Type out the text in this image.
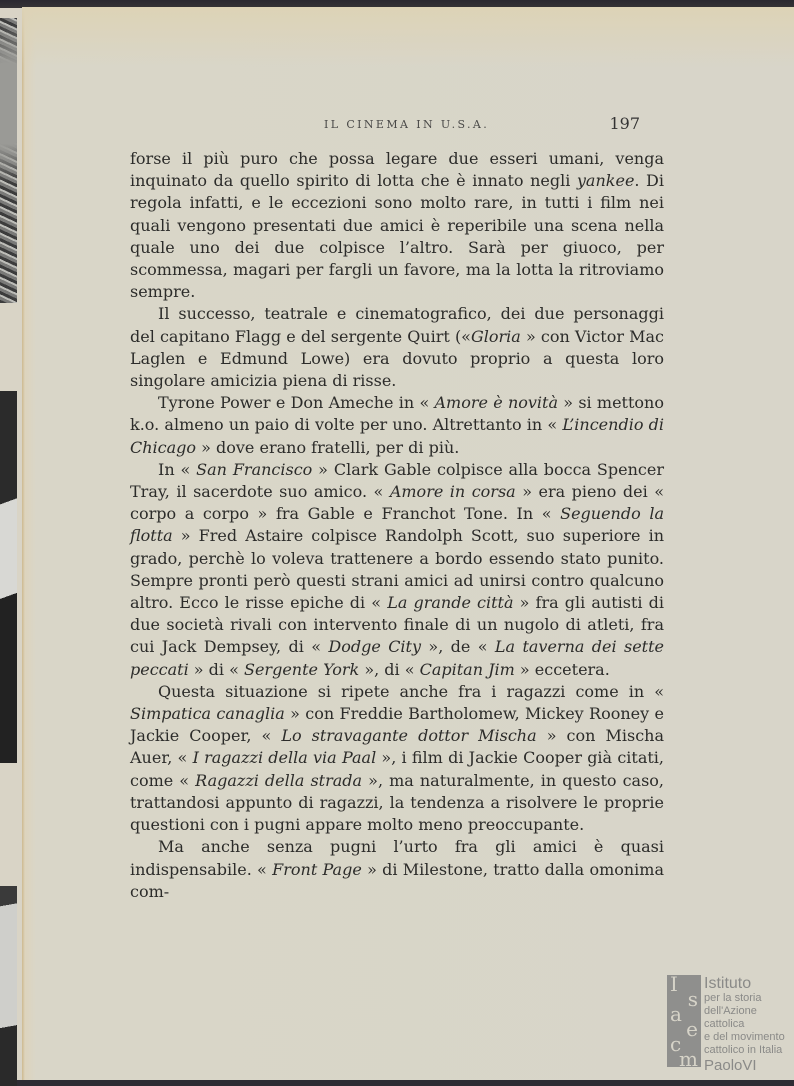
IL CINEMA IN U.S.A.	197

forse il più puro che possa legare due esseri umani, venga inquinato da quello spirito di lotta che è innato negli yankee. Di regola infatti, e le eccezioni sono molto rare, in tutti i film nei quali vengono presentati due amici è reperibile una scena nella quale uno dei due colpisce l’altro. Sarà per giuoco, per scommessa, magari per fargli un favore, ma la lotta la ritroviamo sempre.

Il successo, teatrale e cinematografico, dei due personaggi del capitano Flagg e del sergente Quirt («Gloria » con Victor Mac Laglen e Edmund Lowe) era dovuto proprio a questa loro singolare amicizia piena di risse.

Tyrone Power e Don Ameche in « Amore è novità » si mettono k.o. almeno un paio di volte per uno. Altrettanto in « L’incendio di Chicago » dove erano fratelli, per di più.

In « San Francisco » Clark Gable colpisce alla bocca Spencer Tray, il sacerdote suo amico. « Amore in corsa » era pieno dei « corpo a corpo » fra Gable e Franchot Tone. In « Seguendo la flotta » Fred Astaire colpisce Randolph Scott, suo superiore in grado, perchè lo voleva trattenere a bordo essendo stato punito. Sempre pronti però questi strani amici ad unirsi contro qualcuno altro. Ecco le risse epiche di « La grande città » fra gli autisti di due società rivali con intervento finale di un nugolo di atleti, fra cui Jack Dempsey, di « Dodge City », de « La taverna dei sette peccati » di « Sergente York », di « Capitan Jim » eccetera.

Questa situazione si ripete anche fra i ragazzi come in « Simpatica canaglia » con Freddie Bartholomew, Mickey Rooney e Jackie Cooper, « Lo stravagante dottor Mischa » con Mischa Auer, « I ragazzi della via Paal », i film di Jackie Cooper già citati, come « Ragazzi della strada », ma naturalmente, in questo caso, trattandosi appunto di ragazzi, la tendenza a risolvere le proprie questioni con i pugni appare molto meno preoccupante.

Ma anche senza pugni l’urto fra gli amici è quasi indispensabile. « Front Page » di Milestone, tratto dalla omonima com-

I
s
a
e
c
m
Istituto
per la storia
dell'Azione cattolica
e del movimento
cattolico in Italia
PaoloVI
